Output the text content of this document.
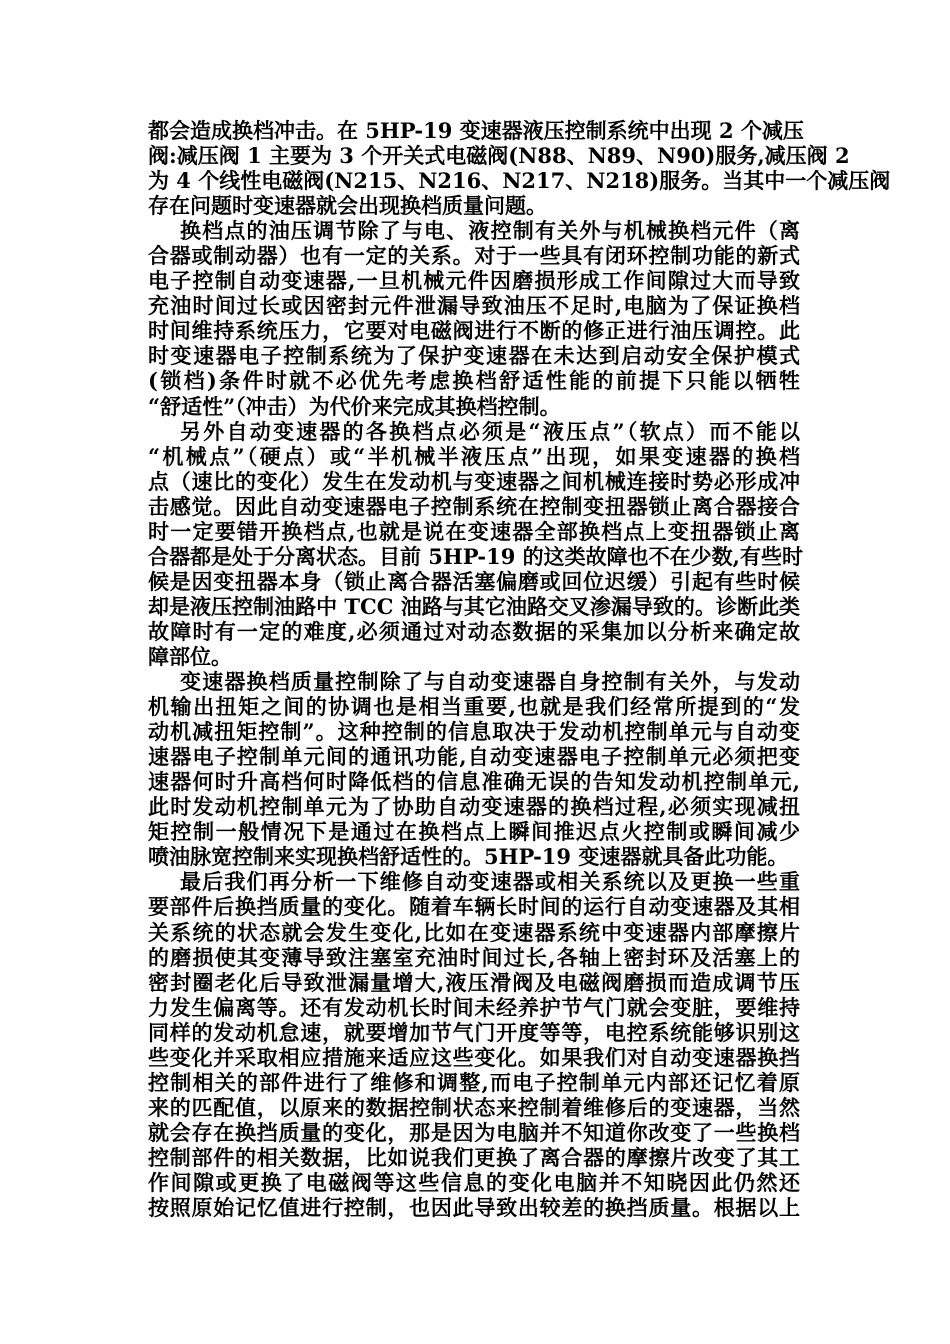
都会造成换档冲击。在 5HP-19 变速器液压控制系统中出现 2 个减压
阀:减压阀 1 主要为 3 个开关式电磁阀(N88、N89、N90)服务,减压阀 2
为 4 个线性电磁阀(N215、N216、N217、N218)服务。当其中一个减压阀
存在问题时变速器就会出现换档质量问题。
换档点的油压调节除了与电、液控制有关外与机械换档元件（离
合器或制动器）也有一定的关系。对于一些具有闭环控制功能的新式
电子控制自动变速器,一旦机械元件因磨损形成工作间隙过大而导致
充油时间过长或因密封元件泄漏导致油压不足时,电脑为了保证换档
时间维持系统压力，它要对电磁阀进行不断的修正进行油压调控。此
时变速器电子控制系统为了保护变速器在未达到启动安全保护模式
(锁档)条件时就不必优先考虑换档舒适性能的前提下只能以牺牲
“舒适性”（冲击）为代价来完成其换档控制。
另外自动变速器的各换档点必须是“液压点”（软点）而不能以
“机械点”（硬点）或“半机械半液压点”出现，如果变速器的换档
点（速比的变化）发生在发动机与变速器之间机械连接时势必形成冲
击感觉。因此自动变速器电子控制系统在控制变扭器锁止离合器接合
时一定要错开换档点,也就是说在变速器全部换档点上变扭器锁止离
合器都是处于分离状态。目前 5HP-19 的这类故障也不在少数,有些时
候是因变扭器本身（锁止离合器活塞偏磨或回位迟缓）引起有些时候
却是液压控制油路中 TCC 油路与其它油路交叉渗漏导致的。诊断此类
故障时有一定的难度,必须通过对动态数据的采集加以分析来确定故
障部位。
变速器换档质量控制除了与自动变速器自身控制有关外，与发动
机输出扭矩之间的协调也是相当重要,也就是我们经常所提到的“发
动机减扭矩控制”。这种控制的信息取决于发动机控制单元与自动变
速器电子控制单元间的通讯功能,自动变速器电子控制单元必须把变
速器何时升高档何时降低档的信息准确无误的告知发动机控制单元,
此时发动机控制单元为了协助自动变速器的换档过程,必须实现减扭
矩控制一般情况下是通过在换档点上瞬间推迟点火控制或瞬间减少
喷油脉宽控制来实现换档舒适性的。5HP-19 变速器就具备此功能。
最后我们再分析一下维修自动变速器或相关系统以及更换一些重
要部件后换挡质量的变化。随着车辆长时间的运行自动变速器及其相
关系统的状态就会发生变化,比如在变速器系统中变速器内部摩擦片
的磨损使其变薄导致注塞室充油时间过长,各轴上密封环及活塞上的
密封圈老化后导致泄漏量增大,液压滑阀及电磁阀磨损而造成调节压
力发生偏离等。还有发动机长时间未经养护节气门就会变脏，要维持
同样的发动机怠速，就要增加节气门开度等等，电控系统能够识别这
些变化并采取相应措施来适应这些变化。如果我们对自动变速器换挡
控制相关的部件进行了维修和调整,而电子控制单元内部还记忆着原
来的匹配值，以原来的数据控制状态来控制着维修后的变速器，当然
就会存在换挡质量的变化，那是因为电脑并不知道你改变了一些换档
控制部件的相关数据，比如说我们更换了离合器的摩擦片改变了其工
作间隙或更换了电磁阀等这些信息的变化电脑并不知晓因此仍然还
按照原始记忆值进行控制，也因此导致出较差的换挡质量。根据以上
